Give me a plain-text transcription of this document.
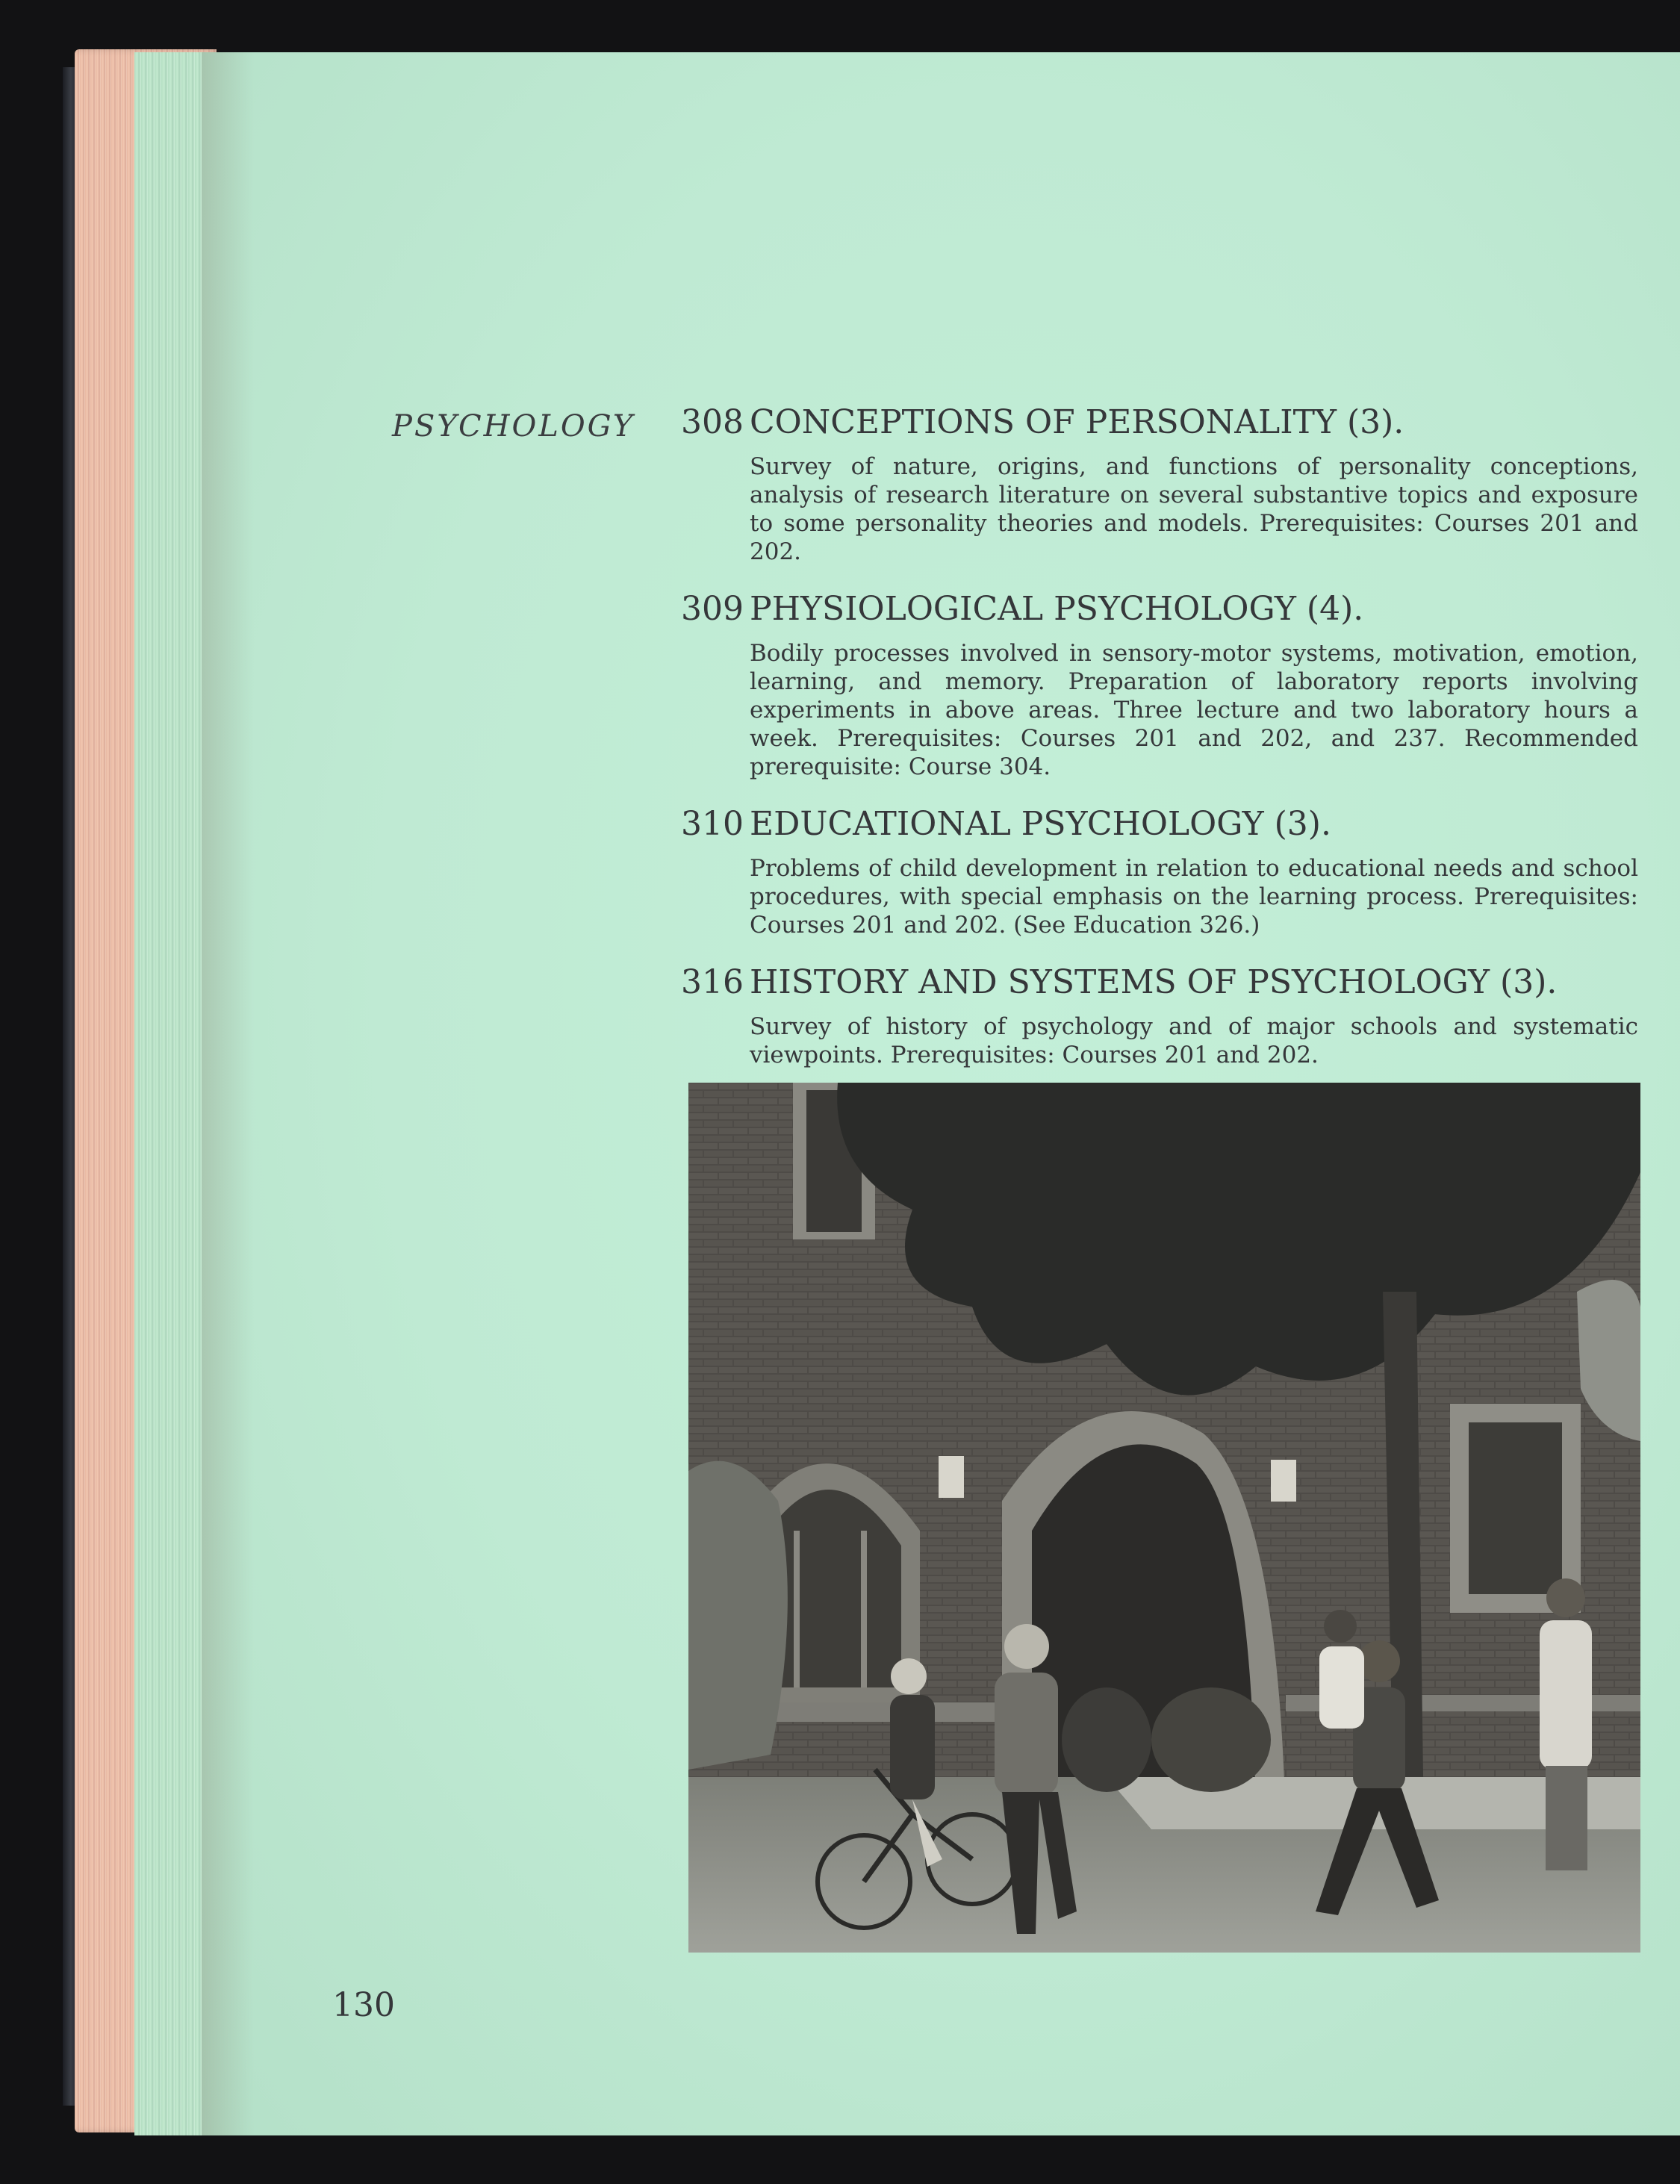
PSYCHOLOGY 308 CONCEPTIONS OF PERSONALITY (3).
Survey of nature, origins, and functions of personality conceptions, analysis of research literature on several substantive topics and exposure to some personality theories and models. Prerequisites: Courses 201 and 202.
309 PHYSIOLOGICAL PSYCHOLOGY (4).
Bodily processes involved in sensory-motor systems, motivation, emotion, learning, and memory. Preparation of laboratory reports involving experiments in above areas. Three lecture and two laboratory hours a week. Prerequisites: Courses 201 and 202, and 237. Recommended prerequisite: Course 304.
310 EDUCATIONAL PSYCHOLOGY (3).
Problems of child development in relation to educational needs and school procedures, with special emphasis on the learning process. Prerequisites: Courses 201 and 202. (See Education 326.)
316 HISTORY AND SYSTEMS OF PSYCHOLOGY (3).
Survey of history of psychology and of major schools and systematic viewpoints. Prerequisites: Courses 201 and 202.
130
